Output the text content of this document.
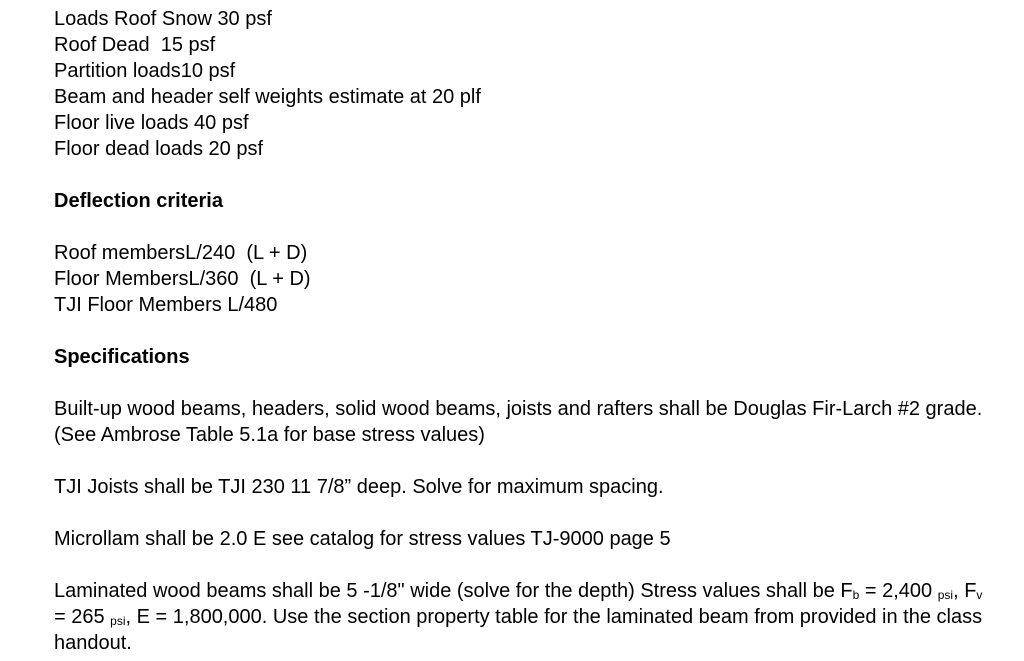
Loads Roof Snow 30 psf
Roof Dead  15 psf
Partition loads10 psf
Beam and header self weights estimate at 20 plf
Floor live loads 40 psf
Floor dead loads 20 psf
Deflection criteria
Roof membersL/240  (L + D)
Floor MembersL/360  (L + D)
TJI Floor Members L/480
Specifications
Built-up wood beams, headers, solid wood beams, joists and rafters shall be Douglas Fir-Larch #2 grade. (See Ambrose Table 5.1a for base stress values)
TJI Joists shall be TJI 230 11 7/8” deep. Solve for maximum spacing.
Microllam shall be 2.0 E see catalog for stress values TJ-9000 page 5
Laminated wood beams shall be 5 -1/8" wide (solve for the depth) Stress values shall be $F_b = 2,400$ $_{psi}$, $F_v = 265$ $_{psi}$, E = 1,800,000. Use the section property table for the laminated beam from provided in the class handout.
